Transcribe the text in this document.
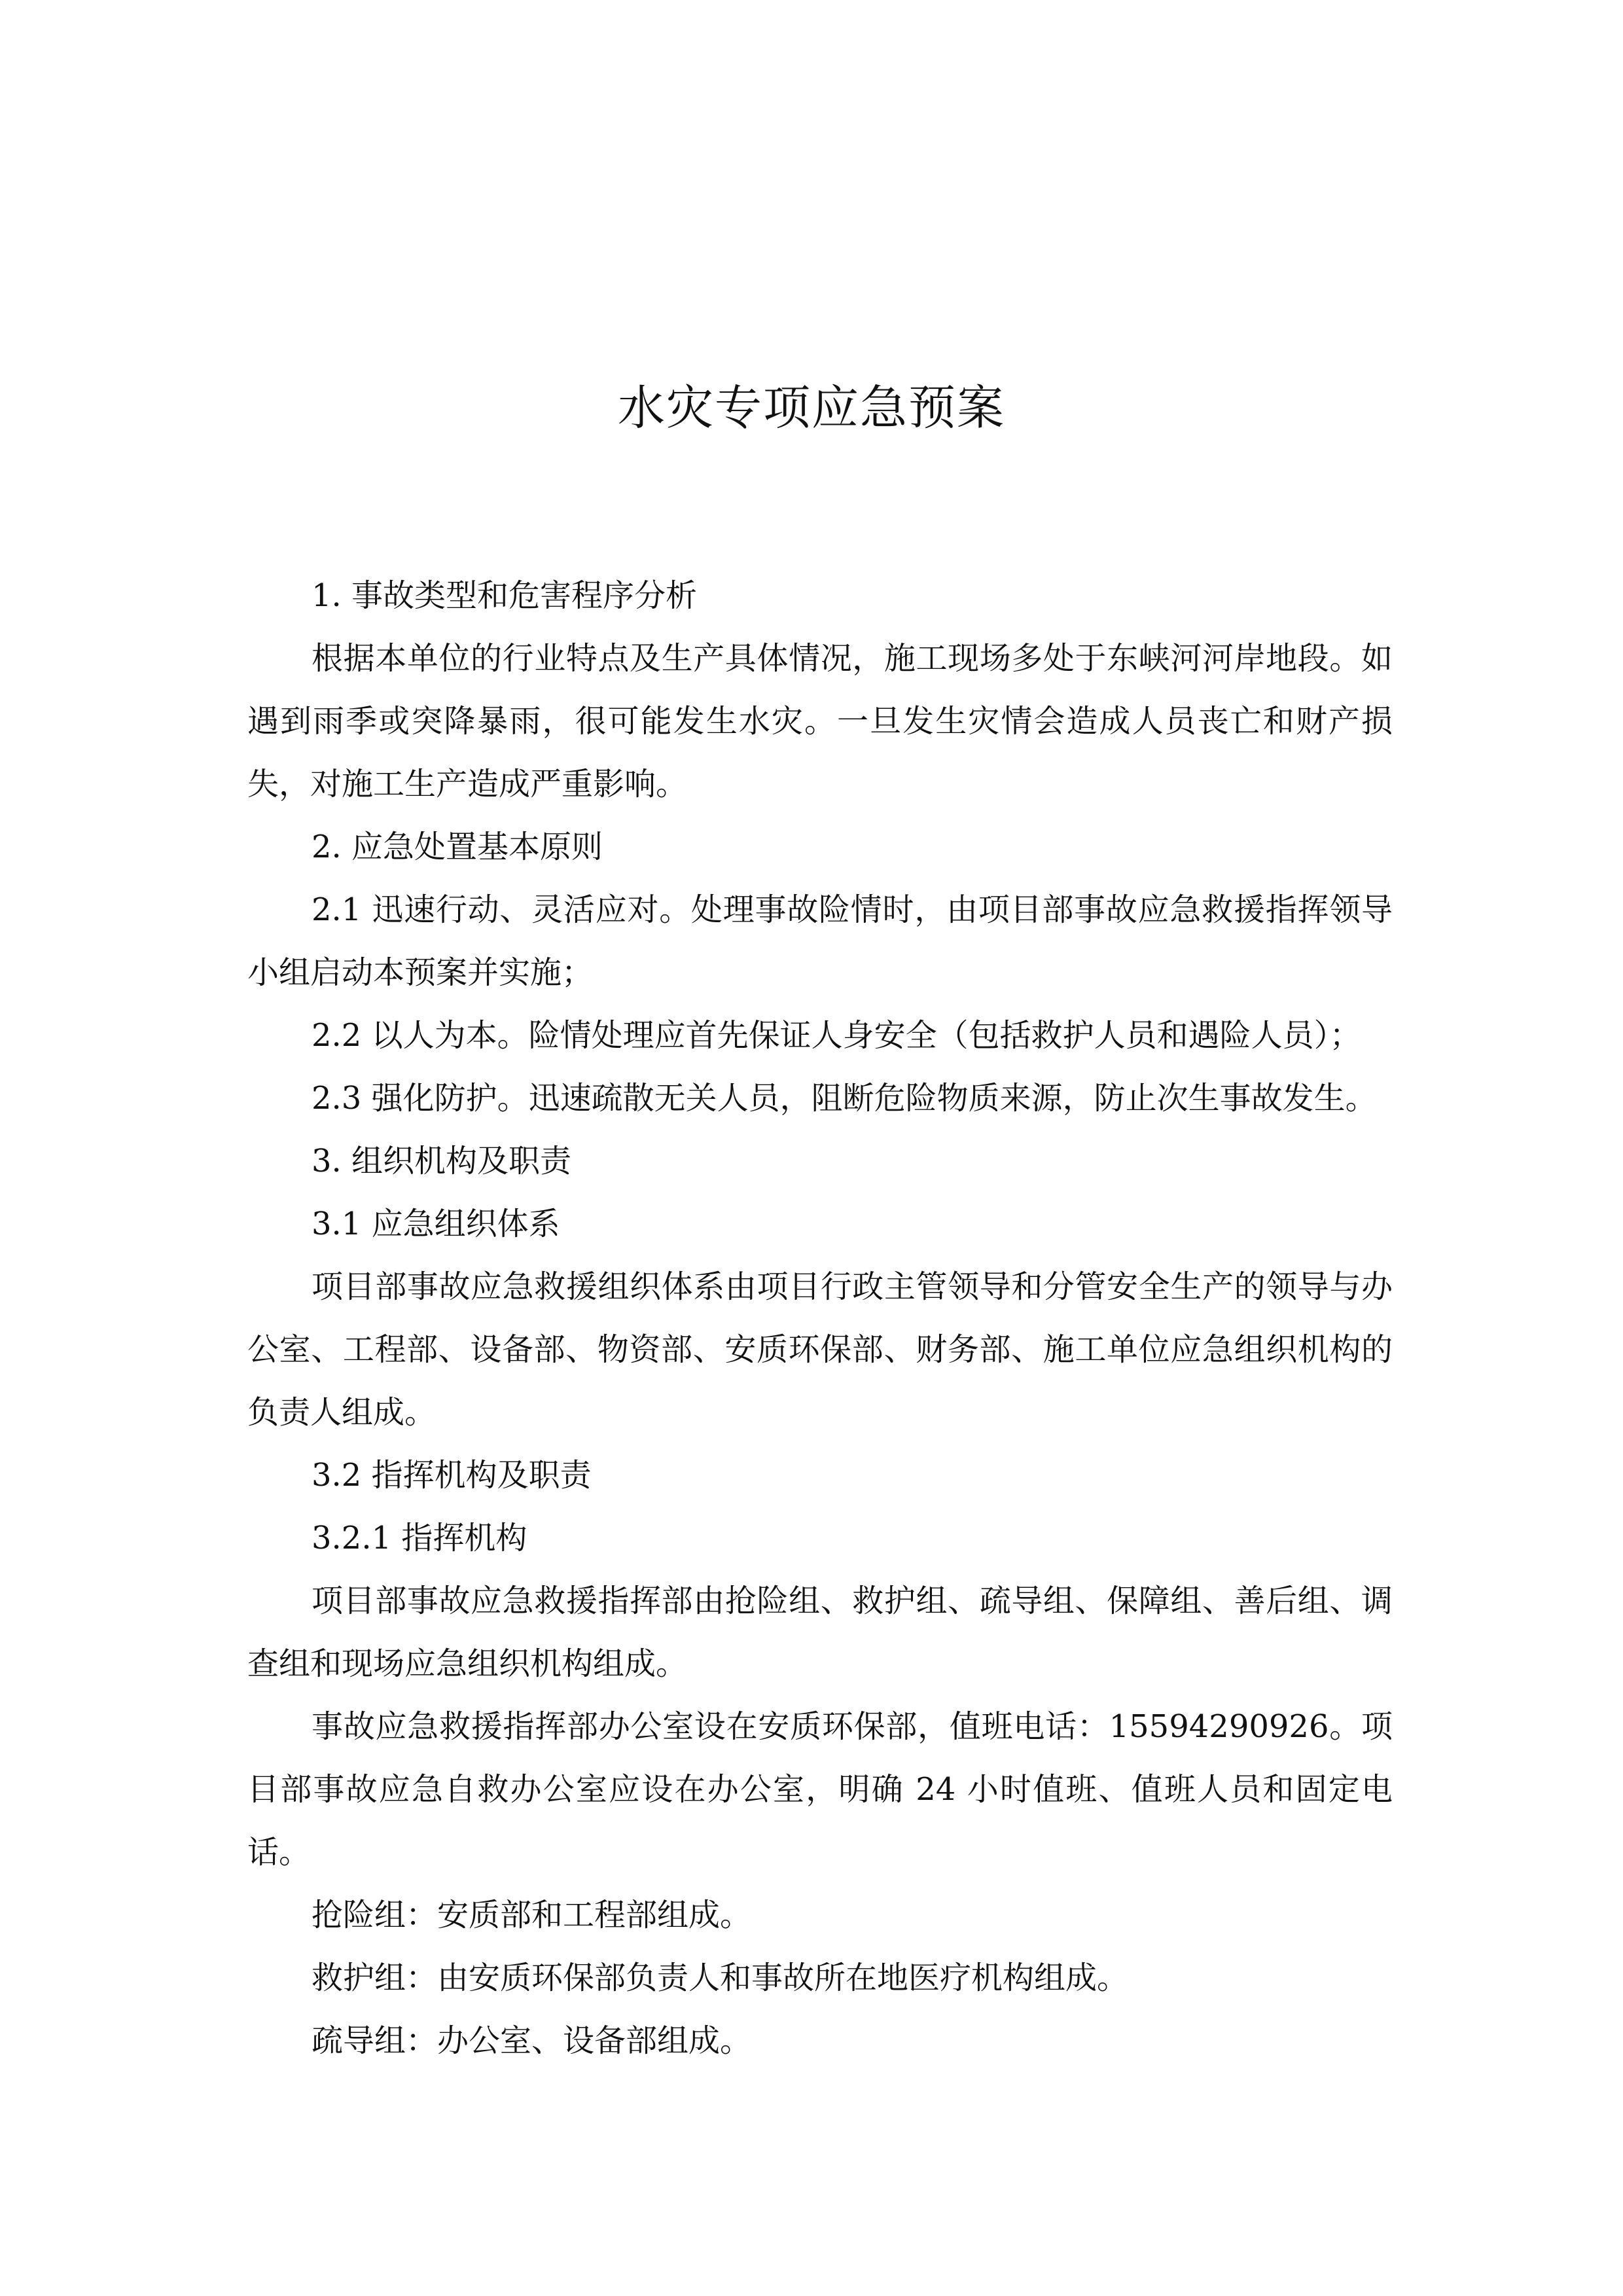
水灾专项应急预案

1. 事故类型和危害程序分析

根据本单位的行业特点及生产具体情况，施工现场多处于东峡河河岸地段。如遇到雨季或突降暴雨，很可能发生水灾。一旦发生灾情会造成人员丧亡和财产损失，对施工生产造成严重影响。

2. 应急处置基本原则

2.1 迅速行动、灵活应对。处理事故险情时，由项目部事故应急救援指挥领导小组启动本预案并实施；

2.2 以人为本。险情处理应首先保证人身安全（包括救护人员和遇险人员）；

2.3 强化防护。迅速疏散无关人员，阻断危险物质来源，防止次生事故发生。

3. 组织机构及职责

3.1 应急组织体系

项目部事故应急救援组织体系由项目行政主管领导和分管安全生产的领导与办公室、工程部、设备部、物资部、安质环保部、财务部、施工单位应急组织机构的负责人组成。

3.2 指挥机构及职责

3.2.1 指挥机构

项目部事故应急救援指挥部由抢险组、救护组、疏导组、保障组、善后组、调查组和现场应急组织机构组成。

事故应急救援指挥部办公室设在安质环保部，值班电话：15594290926。项目部事故应急自救办公室应设在办公室，明确 24 小时值班、值班人员和固定电话。

抢险组：安质部和工程部组成。

救护组：由安质环保部负责人和事故所在地医疗机构组成。

疏导组：办公室、设备部组成。
